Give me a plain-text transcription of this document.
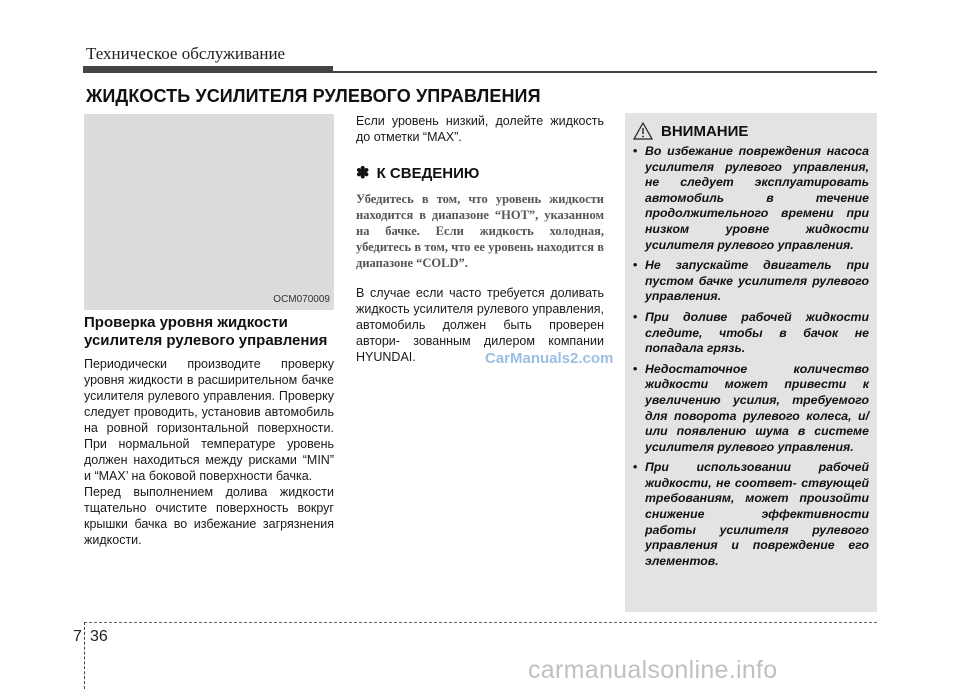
Техническое обслуживание
ЖИДКОСТЬ УСИЛИТЕЛЯ РУЛЕВОГО УПРАВЛЕНИЯ
OCM070009

Проверка уровня жидкости усилителя рулевого управления

Периодически производите проверку уровня жидкости в расширительном бачке усилителя рулевого управления. Проверку следует проводить, установив автомобиль на ровной горизонтальной поверхности. При нормальной температуре уровень должен находиться между рисками “MIN” и “MAX’ на боковой поверхности бачка.

Перед выполнением долива жидкости тщательно очистите поверхность вокруг крышки бачка во избежание загрязнения жидкости.

Если уровень низкий, долейте жидкость до отметки “MAX”.

✽ К СВЕДЕНИЮ

Убедитесь в том, что уровень жидкости находится в диапазоне “HOT”, указанном на бачке. Если жидкость холодная, убедитесь в том, что ее уровень находится в диапазоне “COLD”.

В случае если часто требуется доливать жидкость усилителя рулевого управления, автомобиль должен быть проверен автори- зованным дилером компании HYUNDAI.	CarManuals2.com
ВНИМАНИЕ
• Во избежание повреждения насоса усилителя рулевого управления, не следует эксплуатировать автомобиль в течение продолжительного времени при низком уровне жидкости усилителя рулевого управления.
• Не запускайте двигатель при пустом бачке усилителя рулевого управления.
• При доливе рабочей жидкости следите, чтобы в бачок не попадала грязь.
• Недостаточное количество жидкости может привести к увеличению усилия, требуемого для поворота рулевого колеса, и/или появлению шума в системе усилителя рулевого управления.
• При использовании рабочей жидкости, не соответ- ствующей требованиям, может произойти снижение эффективности работы усилителя рулевого управления и повреждение его элементов.
7 36
carmanualsonline.info
